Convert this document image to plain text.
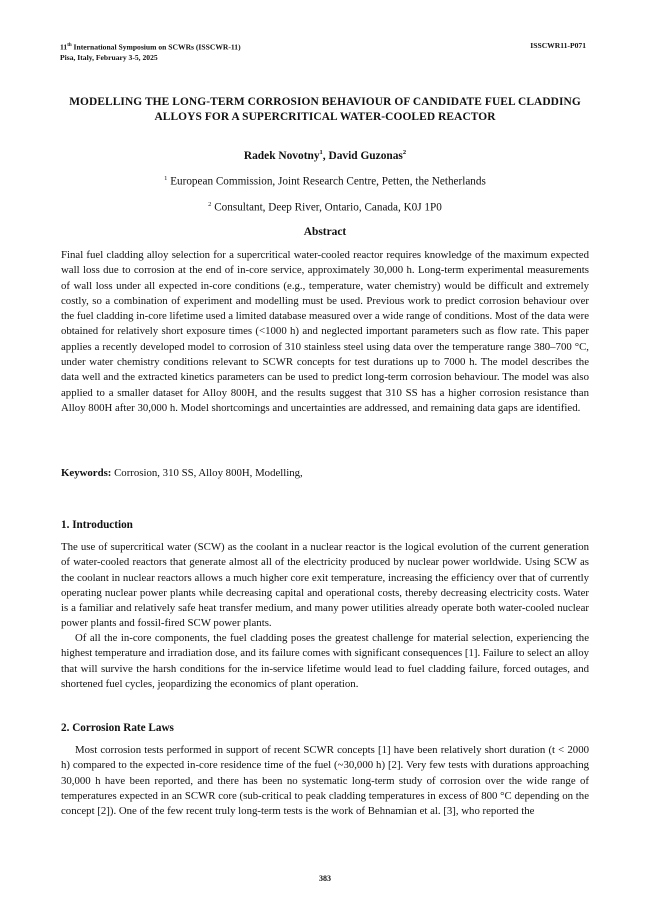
11th International Symposium on SCWRs (ISSCWR-11)
Pisa, Italy, February 3-5, 2025
ISSCWR11-P071
MODELLING THE LONG-TERM CORROSION BEHAVIOUR OF CANDIDATE FUEL CLADDING ALLOYS FOR A SUPERCRITICAL WATER-COOLED REACTOR
Radek Novotny$^1$, David Guzonas$^2$
$^1$ European Commission, Joint Research Centre, Petten, the Netherlands
$^2$ Consultant, Deep River, Ontario, Canada, K0J 1P0
Abstract

Final fuel cladding alloy selection for a supercritical water-cooled reactor requires knowledge of the maximum expected wall loss due to corrosion at the end of in-core service, approximately 30,000 h. Long-term experimental measurements of wall loss under all expected in-core conditions (e.g., temperature, water chemistry) would be difficult and extremely costly, so a combination of experiment and modelling must be used. Previous work to predict corrosion behaviour over the fuel cladding in-core lifetime used a limited database measured over a wide range of conditions. Most of the data were obtained for relatively short exposure times (<1000 h) and neglected important parameters such as flow rate. This paper applies a recently developed model to corrosion of 310 stainless steel using data over the temperature range 380–700 °C, under water chemistry conditions relevant to SCWR concepts for test durations up to 7000 h. The model describes the data well and the extracted kinetics parameters can be used to predict long-term corrosion behaviour. The model was also applied to a smaller dataset for Alloy 800H, and the results suggest that 310 SS has a higher corrosion resistance than Alloy 800H after 30,000 h. Model shortcomings and uncertainties are addressed, and remaining data gaps are identified.

Keywords: Corrosion, 310 SS, Alloy 800H, Modelling,
1. Introduction

The use of supercritical water (SCW) as the coolant in a nuclear reactor is the logical evolution of the current generation of water-cooled reactors that generate almost all of the electricity produced by nuclear power worldwide. Using SCW as the coolant in nuclear reactors allows a much higher core exit temperature, increasing the efficiency over that of currently operating nuclear power plants while decreasing capital and operational costs, thereby decreasing electricity costs. Water is a familiar and relatively safe heat transfer medium, and many power utilities already operate both water-cooled nuclear power plants and fossil-fired SCW power plants.

Of all the in-core components, the fuel cladding poses the greatest challenge for material selection, experiencing the highest temperature and irradiation dose, and its failure comes with significant consequences [1]. Failure to select an alloy that will survive the harsh conditions for the in-service lifetime would lead to fuel cladding failure, forced outages, and shortened fuel cycles, jeopardizing the economics of plant operation.

2. Corrosion Rate Laws

Most corrosion tests performed in support of recent SCWR concepts [1] have been relatively short duration (t < 2000 h) compared to the expected in-core residence time of the fuel (~30,000 h) [2]. Very few tests with durations approaching 30,000 h have been reported, and there has been no systematic long-term study of corrosion over the wide range of temperatures expected in an SCWR core (sub-critical to peak cladding temperatures in excess of 800 °C depending on the concept [2]). One of the few recent truly long-term tests is the work of Behnamian et al. [3], who reported the

383
